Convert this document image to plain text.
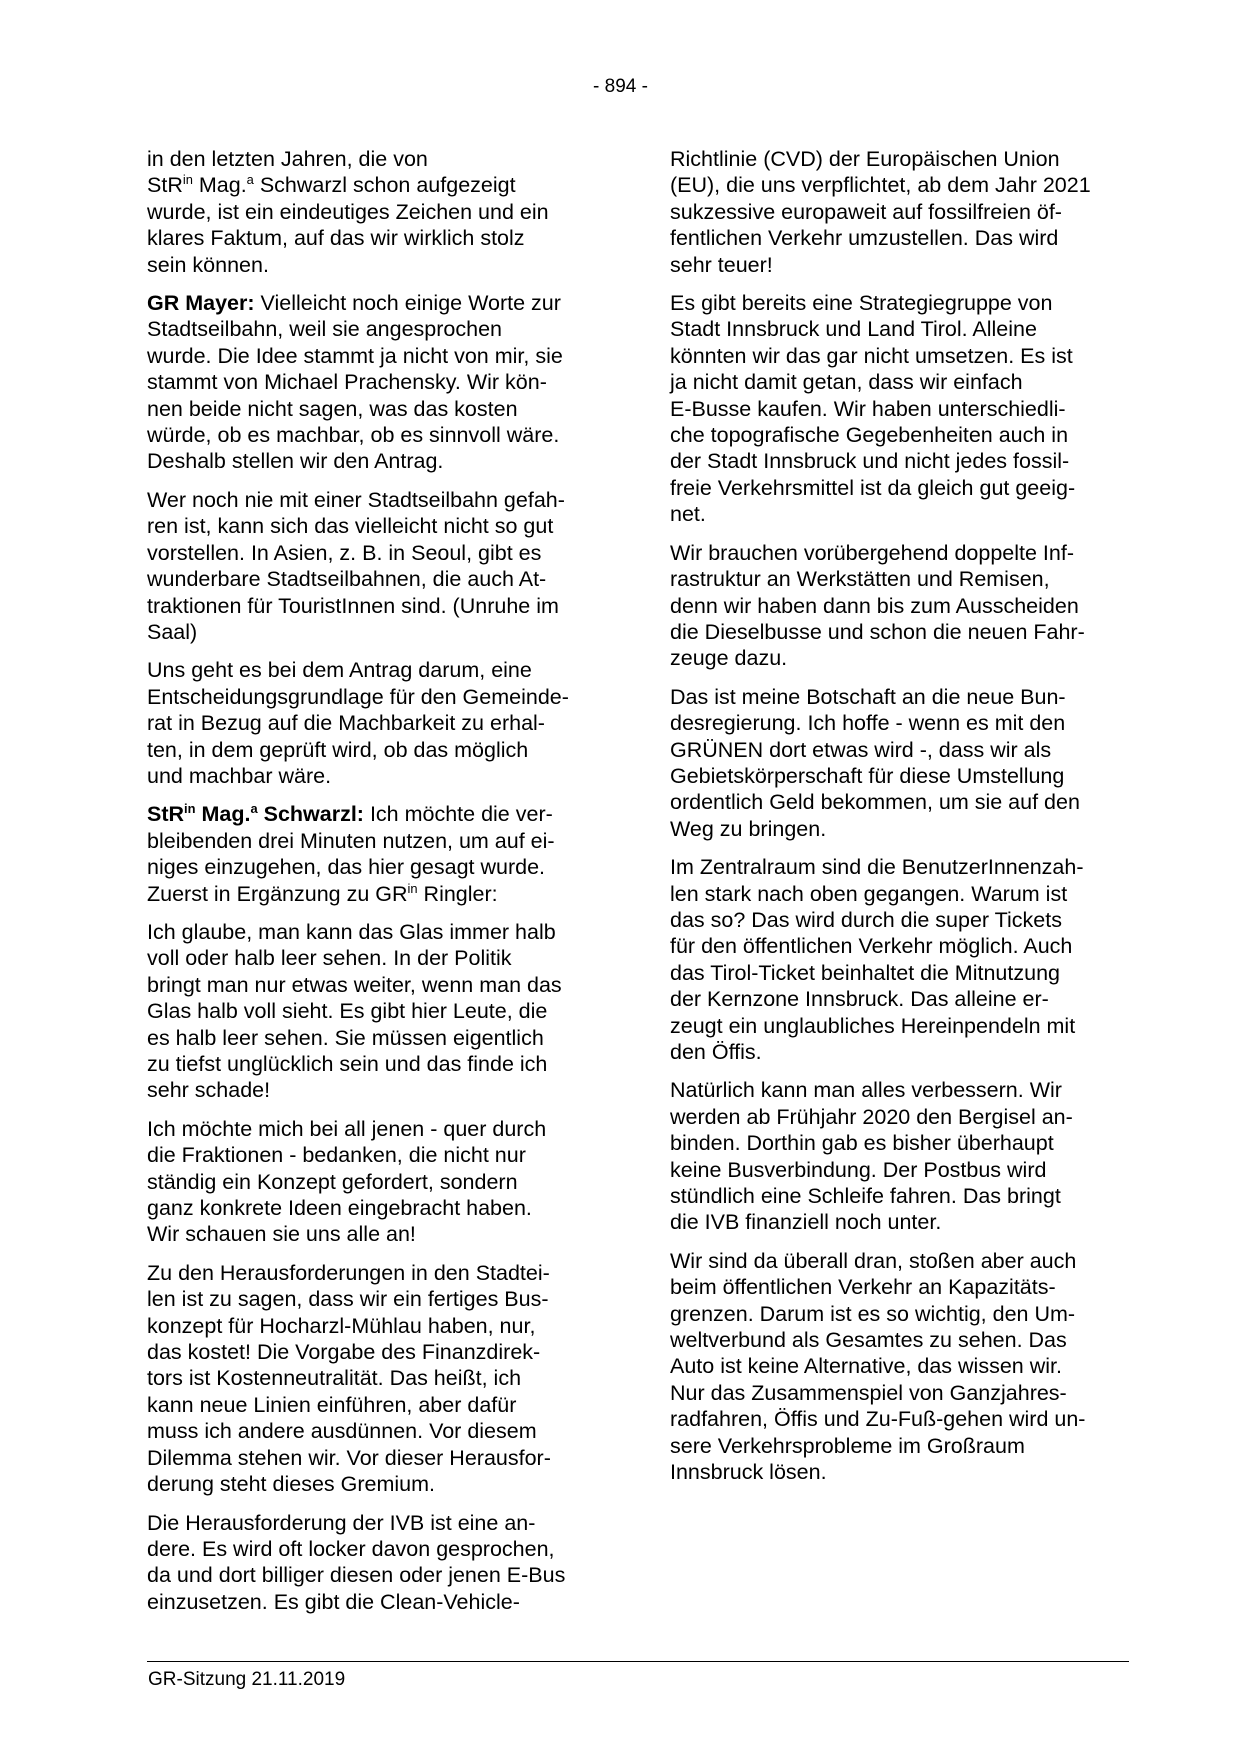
- 894 -

in den letzten Jahren, die von
StR$^{in}$ Mag.$^a$ Schwarzl schon aufgezeigt
wurde, ist ein eindeutiges Zeichen und ein
klares Faktum, auf das wir wirklich stolz
sein können.

GR Mayer: Vielleicht noch einige Worte zur
Stadtseilbahn, weil sie angesprochen
wurde. Die Idee stammt ja nicht von mir, sie
stammt von Michael Prachensky. Wir kön-
nen beide nicht sagen, was das kosten
würde, ob es machbar, ob es sinnvoll wäre.
Deshalb stellen wir den Antrag.

Wer noch nie mit einer Stadtseilbahn gefah-
ren ist, kann sich das vielleicht nicht so gut
vorstellen. In Asien, z. B. in Seoul, gibt es
wunderbare Stadtseilbahnen, die auch At-
traktionen für TouristInnen sind. (Unruhe im
Saal)

Uns geht es bei dem Antrag darum, eine
Entscheidungsgrundlage für den Gemeinde-
rat in Bezug auf die Machbarkeit zu erhal-
ten, in dem geprüft wird, ob das möglich
und machbar wäre.

StR$^{in}$ Mag.$^a$ Schwarzl: Ich möchte die ver-
bleibenden drei Minuten nutzen, um auf ei-
niges einzugehen, das hier gesagt wurde.
Zuerst in Ergänzung zu $GR^{in}$ Ringler:

Ich glaube, man kann das Glas immer halb
voll oder halb leer sehen. In der Politik
bringt man nur etwas weiter, wenn man das
Glas halb voll sieht. Es gibt hier Leute, die
es halb leer sehen. Sie müssen eigentlich
zu tiefst unglücklich sein und das finde ich
sehr schade!

Ich möchte mich bei all jenen - quer durch
die Fraktionen - bedanken, die nicht nur
ständig ein Konzept gefordert, sondern
ganz konkrete Ideen eingebracht haben.
Wir schauen sie uns alle an!

Zu den Herausforderungen in den Stadtei-
len ist zu sagen, dass wir ein fertiges Bus-
konzept für Hocharzl-Mühlau haben, nur,
das kostet! Die Vorgabe des Finanzdirek-
tors ist Kostenneutralität. Das heißt, ich
kann neue Linien einführen, aber dafür
muss ich andere ausdünnen. Vor diesem
Dilemma stehen wir. Vor dieser Herausfor-
derung steht dieses Gremium.

Die Herausforderung der IVB ist eine an-
dere. Es wird oft locker davon gesprochen,
da und dort billiger diesen oder jenen E-Bus
einzusetzen. Es gibt die Clean-Vehicle-

Richtlinie (CVD) der Europäischen Union
(EU), die uns verpflichtet, ab dem Jahr 2021
sukzessive europaweit auf fossilfreien öf-
fentlichen Verkehr umzustellen. Das wird
sehr teuer!

Es gibt bereits eine Strategiegruppe von
Stadt Innsbruck und Land Tirol. Alleine
könnten wir das gar nicht umsetzen. Es ist
ja nicht damit getan, dass wir einfach
E-Busse kaufen. Wir haben unterschiedli-
che topografische Gegebenheiten auch in
der Stadt Innsbruck und nicht jedes fossil-
freie Verkehrsmittel ist da gleich gut geeig-
net.

Wir brauchen vorübergehend doppelte Inf-
rastruktur an Werkstätten und Remisen,
denn wir haben dann bis zum Ausscheiden
die Dieselbusse und schon die neuen Fahr-
zeuge dazu.

Das ist meine Botschaft an die neue Bun-
desregierung. Ich hoffe - wenn es mit den
GRÜNEN dort etwas wird -, dass wir als
Gebietskörperschaft für diese Umstellung
ordentlich Geld bekommen, um sie auf den
Weg zu bringen.

Im Zentralraum sind die BenutzerInnenzah-
len stark nach oben gegangen. Warum ist
das so? Das wird durch die super Tickets
für den öffentlichen Verkehr möglich. Auch
das Tirol-Ticket beinhaltet die Mitnutzung
der Kernzone Innsbruck. Das alleine er-
zeugt ein unglaubliches Hereinpendeln mit
den Öffis.

Natürlich kann man alles verbessern. Wir
werden ab Frühjahr 2020 den Bergisel an-
binden. Dorthin gab es bisher überhaupt
keine Busverbindung. Der Postbus wird
stündlich eine Schleife fahren. Das bringt
die IVB finanziell noch unter.

Wir sind da überall dran, stoßen aber auch
beim öffentlichen Verkehr an Kapazitäts-
grenzen. Darum ist es so wichtig, den Um-
weltverbund als Gesamtes zu sehen. Das
Auto ist keine Alternative, das wissen wir.
Nur das Zusammenspiel von Ganzjahres-
radfahren, Öffis und Zu-Fuß-gehen wird un-
sere Verkehrsprobleme im Großraum
Innsbruck lösen.

GR-Sitzung 21.11.2019
